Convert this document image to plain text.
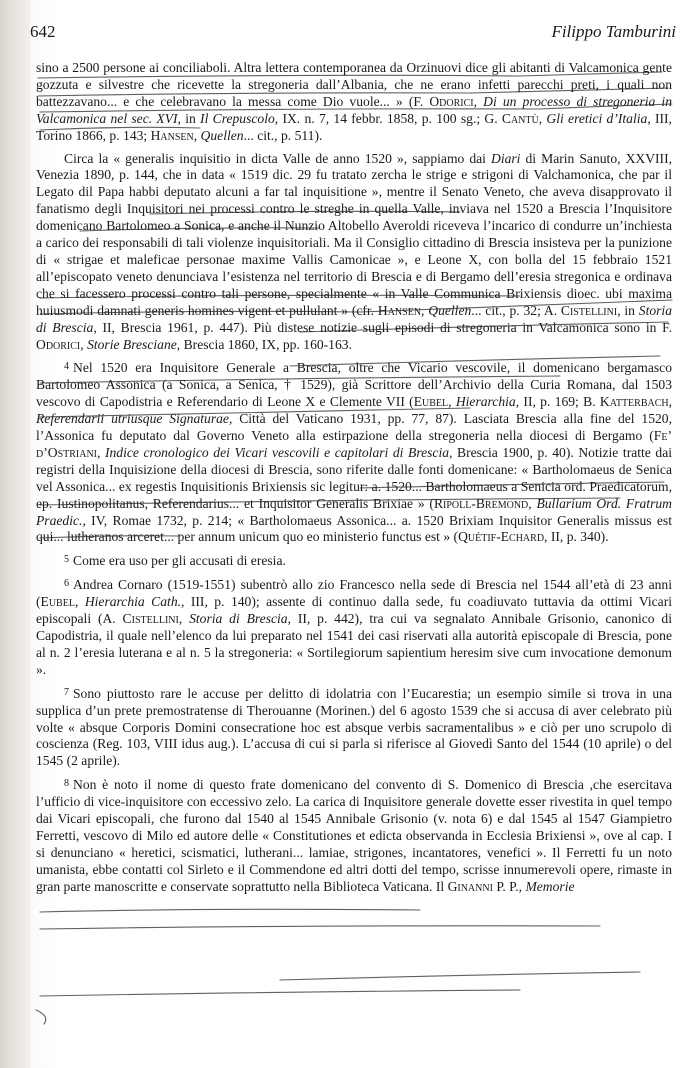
642	Filippo Tamburini

sino a 2500 persone ai conciliaboli. Altra lettera contemporanea da Orzinuovi dice gli abitanti di Valcamonica gente gozzuta e silvestre che ricevette la stregoneria dall’Albania, che ne erano infetti parecchi preti, i quali non battezzavano... e che celebravano la messa come Dio vuole... » (F. Odorici, Di un processo di stregoneria in Valcamonica nel sec. XVI, in Il Crepuscolo, IX. n. 7, 14 febbr. 1858, p. 100 sg.; G. Cantù, Gli eretici d’Italia, III, Torino 1866, p. 143; Hansen, Quellen... cit., p. 511).

Circa la « generalis inquisitio in dicta Valle de anno 1520 », sappiamo dai Diari di Marin Sanuto, XXVIII, Venezia 1890, p. 144, che in data « 1519 dic. 29 fu tratato zercha le strige e strigoni di Valchamonica, che par il Legato dil Papa habbi deputato alcuni a far tal inquisitione », mentre il Senato Veneto, che aveva disapprovato il fanatismo degli Inquisitori nei processi contro le streghe in quella Valle, inviava nel 1520 a Brescia l’Inquisitore domenicano Bartolomeo a Sonica, e anche il Nunzio Altobello Averoldi riceveva l’incarico di condurre un’inchiesta a carico dei responsabili di tali violenze inquisitoriali. Ma il Consiglio cittadino di Brescia insisteva per la punizione di « strigae et maleficae personae maxime Vallis Camonicae », e Leone X, con bolla del 15 febbraio 1521 all’episcopato veneto denunciava l’esistenza nel territorio di Brescia e di Bergamo dell’eresia stregonica e ordinava che si facessero processi contro tali persone, specialmente « in Valle Communica Brixiensis dioec. ubi maxima huiusmodi damnati generis homines vigent et pullulant » (cfr. Hansen, Quellen... cit., p. 32; A. Cistellini, in Storia di Brescia, II, Brescia 1961, p. 447). Più distese notizie sugli episodi di stregoneria in Valcamonica sono in F. Odorici, Storie Bresciane, Brescia 1860, IX, pp. 160-163.

$^4$ Nel 1520 era Inquisitore Generale a Brescia, oltre che Vicario vescovile, il domenicano bergamasco Bartolomeo Assonica (a Sonica, a Senica, † 1529), già Scrittore dell’Archivio della Curia Romana, dal 1503 vescovo di Capodistria e Referendario di Leone X e Clemente VII (Eubel, Hierarchia, II, p. 169; B. Katterbach, Referendarii utriusque Signaturae, Città del Vaticano 1931, pp. 77, 87). Lasciata Brescia alla fine del 1520, l’Assonica fu deputato dal Governo Veneto alla estirpazione della stregoneria nella diocesi di Bergamo (Fe’ d’Ostriani, Indice cronologico dei Vicari vescovili e capitolari di Brescia, Brescia 1900, p. 40). Notizie tratte dai registri della Inquisizione della diocesi di Brescia, sono riferite dalle fonti domenicane: « Bartholomaeus de Senica vel Assonica... ex regestis Inquisitionis Brixiensis sic legitur: a. 1520... Bartholomaeus a Senicia ord. Praedicatorum, ep. Iustinopolitanus, Referendarius... et Inquisitor Generalis Brixiae » (Ripoll-Bremond, Bullarium Ord. Fratrum Praedic., IV, Romae 1732, p. 214; « Bartholomaeus Assonica... a. 1520 Brixiam Inquisitor Generalis missus est qui... lutheranos arceret... per annum unicum quo eo ministerio functus est » (Quétif-Echard, II, p. 340).

$^5$ Come era uso per gli accusati di eresia.

$^6$ Andrea Cornaro (1519-1551) subentrò allo zio Francesco nella sede di Brescia nel 1544 all’età di 23 anni (Eubel, Hierarchia Cath., III, p. 140); assente di continuo dalla sede, fu coadiuvato tuttavia da ottimi Vicari episcopali (A. Cistellini, Storia di Brescia, II, p. 442), tra cui va segnalato Annibale Grisonio, canonico di Capodistria, il quale nell’elenco da lui preparato nel 1541 dei casi riservati alla autorità episcopale di Brescia, pone al n. 2 l’eresia luterana e al n. 5 la stregoneria: « Sortilegiorum sapientium heresim sive cum invocatione demonum ».

$^7$ Sono piuttosto rare le accuse per delitto di idolatria con l’Eucarestia; un esempio simile si trova in una supplica d’un prete premostratense di Therouanne (Morinen.) del 6 agosto 1539 che si accusa di aver celebrato più volte « absque Corporis Domini consecratione hoc est absque verbis sacramentalibus » e ciò per uno scrupolo di coscienza (Reg. 103, VIII idus aug.). L’accusa di cui si parla si riferisce al Giovedì Santo del 1544 (10 aprile) o del 1545 (2 aprile).

$^8$ Non è noto il nome di questo frate domenicano del convento di S. Domenico di Brescia ,che esercitava l’ufficio di vice-inquisitore con eccessivo zelo. La carica di Inquisitore generale dovette esser rivestita in quel tempo dai Vicari episcopali, che furono dal 1540 al 1545 Annibale Grisonio (v. nota 6) e dal 1545 al 1547 Giampietro Ferretti, vescovo di Milo ed autore delle « Constitutiones et edicta observanda in Ecclesia Brixiensi », ove al cap. I si denunciano « heretici, scismatici, lutherani... lamiae, strigones, incantatores, venefici ». Il Ferretti fu un noto umanista, ebbe contatti col Sirleto e il Commendone ed altri dotti del tempo, scrisse innumerevoli opere, rimaste in gran parte manoscritte e conservate soprattutto nella Biblioteca Vaticana. Il Ginanni P. P., Memorie
